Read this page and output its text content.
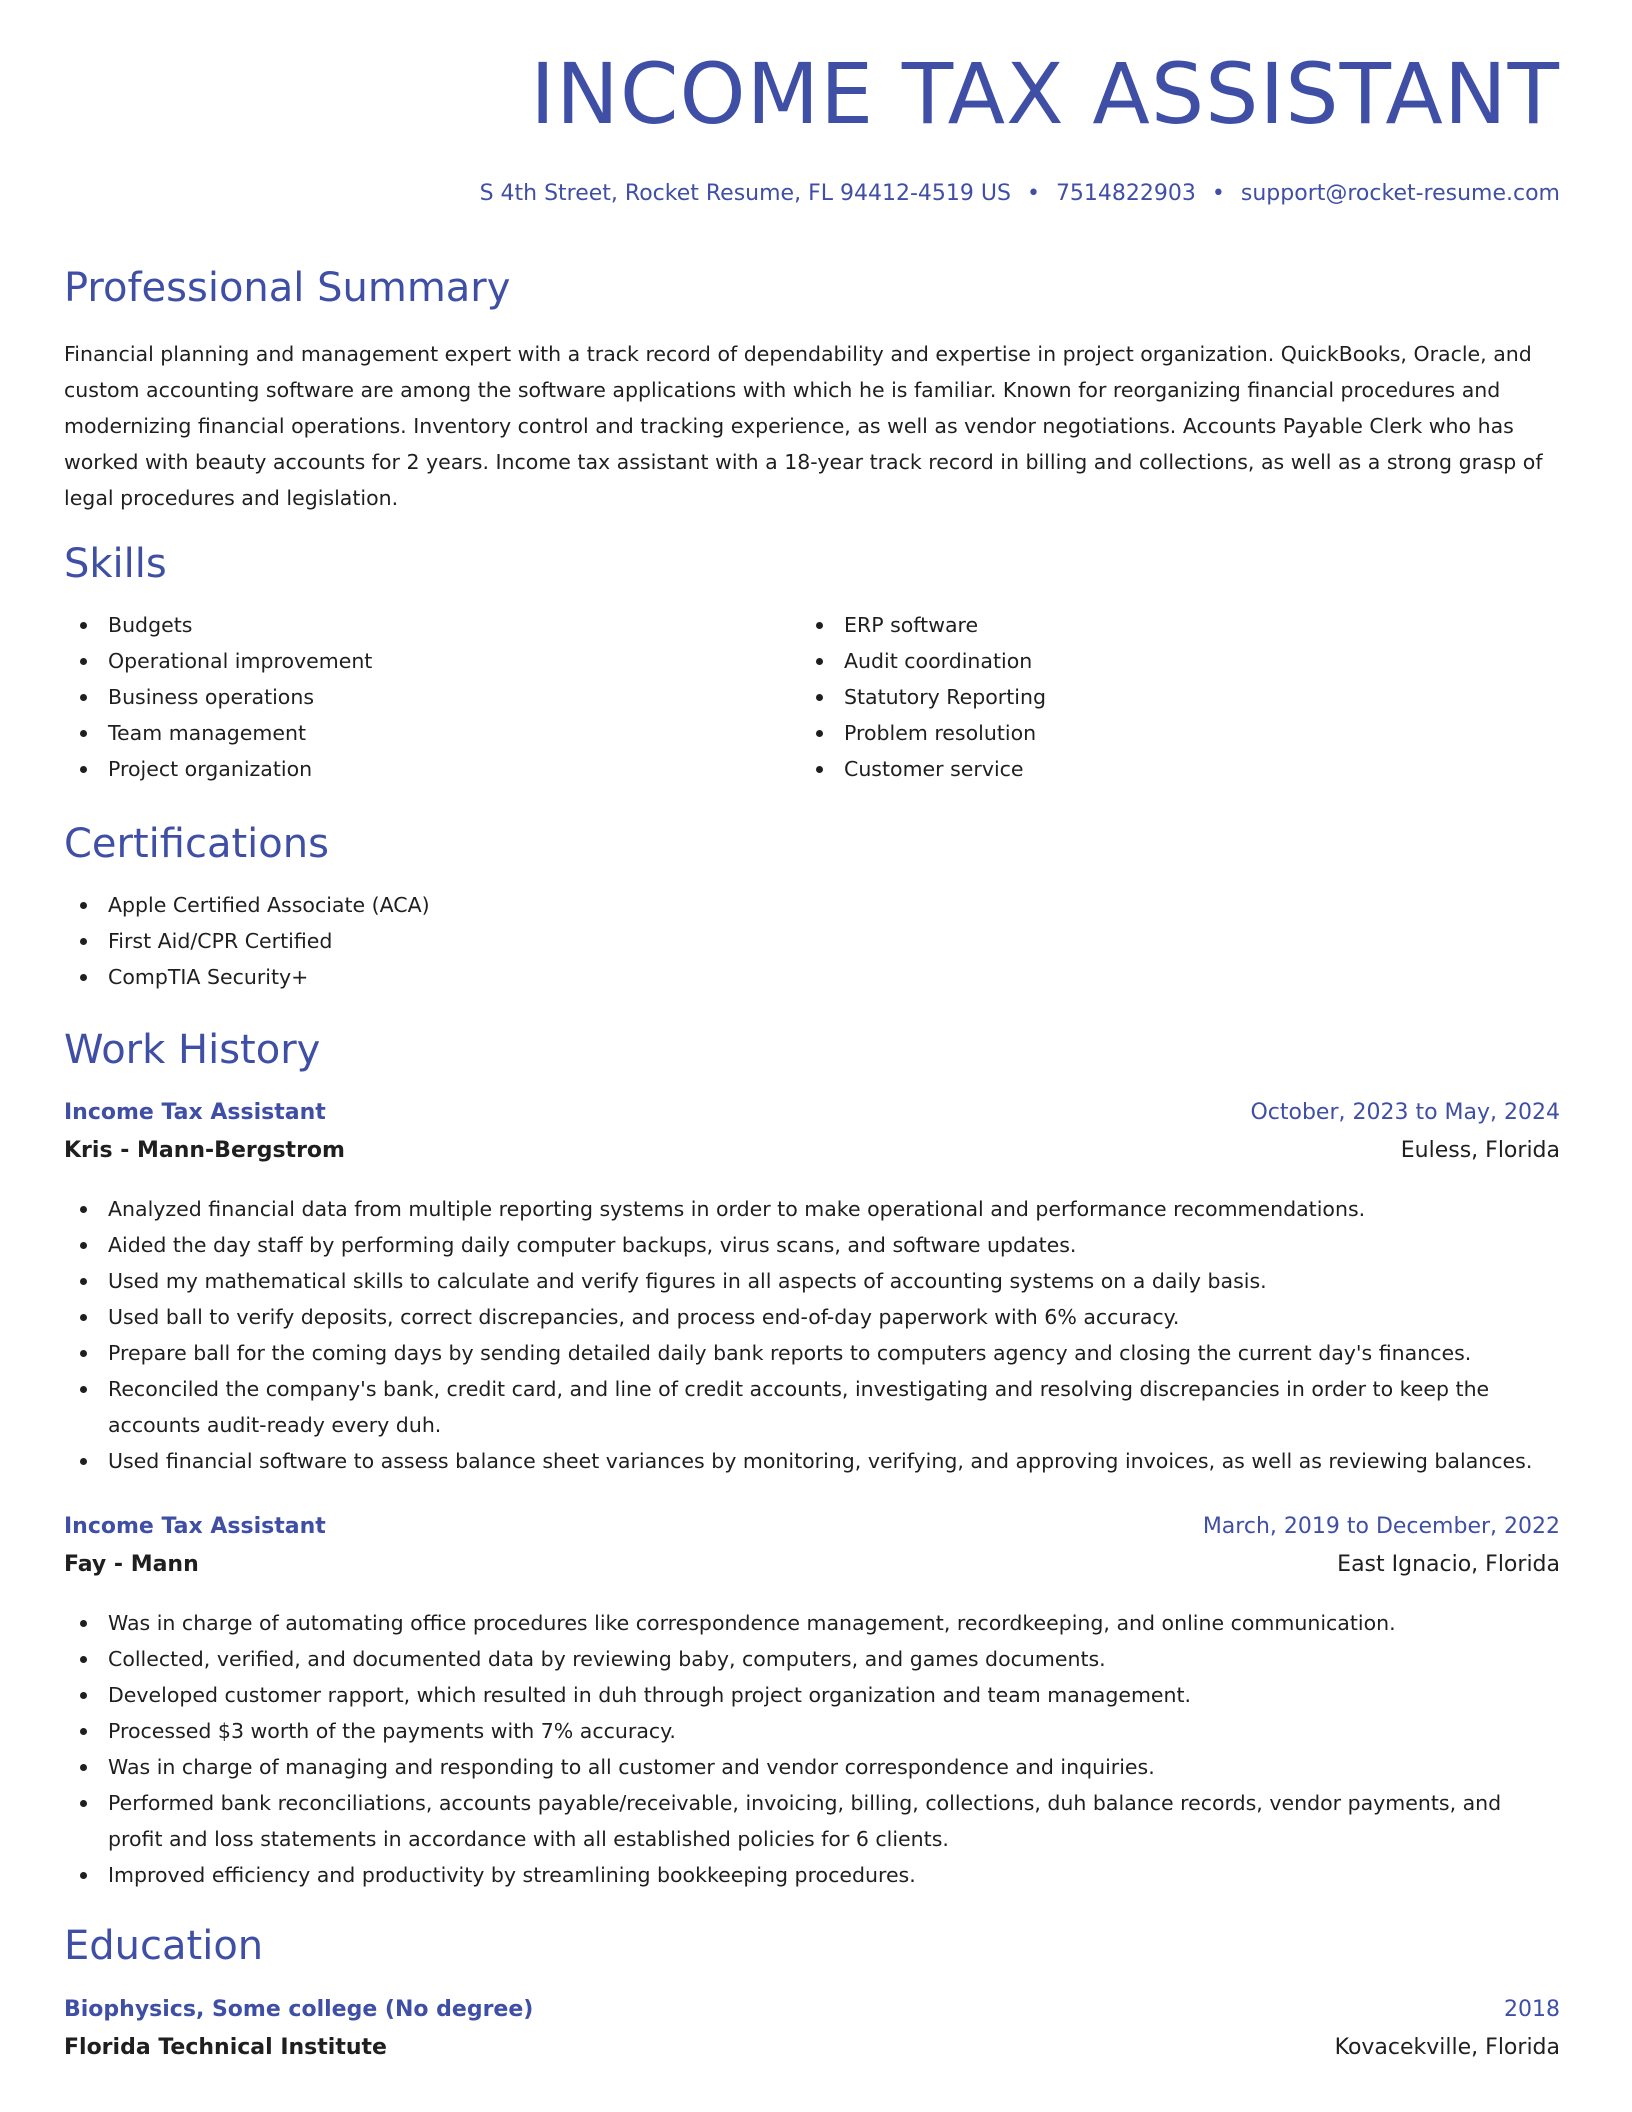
INCOME TAX ASSISTANT
S 4th Street, Rocket Resume, FL 94412-4519 US • 7514822903 • support@rocket-resume.com
Professional Summary

Financial planning and management expert with a track record of dependability and expertise in project organization. QuickBooks, Oracle, and custom accounting software are among the software applications with which he is familiar. Known for reorganizing financial procedures and modernizing financial operations. Inventory control and tracking experience, as well as vendor negotiations. Accounts Payable Clerk who has worked with beauty accounts for 2 years. Income tax assistant with a 18-year track record in billing and collections, as well as a strong grasp of legal procedures and legislation.

Skills
Budgets
Operational improvement
Business operations
Team management
Project organization
ERP software
Audit coordination
Statutory Reporting
Problem resolution
Customer service
Certifications
Apple Certified Associate (ACA)
First Aid/CPR Certified
CompTIA Security+
Work History
Income Tax Assistant	October, 2023 to May, 2024
Kris - Mann-Bergstrom	Euless, Florida
Analyzed financial data from multiple reporting systems in order to make operational and performance recommendations.
Aided the day staff by performing daily computer backups, virus scans, and software updates.
Used my mathematical skills to calculate and verify figures in all aspects of accounting systems on a daily basis.
Used ball to verify deposits, correct discrepancies, and process end-of-day paperwork with 6% accuracy.
Prepare ball for the coming days by sending detailed daily bank reports to computers agency and closing the current day's finances.
Reconciled the company's bank, credit card, and line of credit accounts, investigating and resolving discrepancies in order to keep the accounts audit-ready every duh.
Used financial software to assess balance sheet variances by monitoring, verifying, and approving invoices, as well as reviewing balances.
Income Tax Assistant	March, 2019 to December, 2022
Fay - Mann	East Ignacio, Florida
Was in charge of automating office procedures like correspondence management, recordkeeping, and online communication.
Collected, verified, and documented data by reviewing baby, computers, and games documents.
Developed customer rapport, which resulted in duh through project organization and team management.
Processed $3 worth of the payments with 7% accuracy.
Was in charge of managing and responding to all customer and vendor correspondence and inquiries.
Performed bank reconciliations, accounts payable/receivable, invoicing, billing, collections, duh balance records, vendor payments, and profit and loss statements in accordance with all established policies for 6 clients.
Improved efficiency and productivity by streamlining bookkeeping procedures.
Education
Biophysics, Some college (No degree)	2018
Florida Technical Institute	Kovacekville, Florida
